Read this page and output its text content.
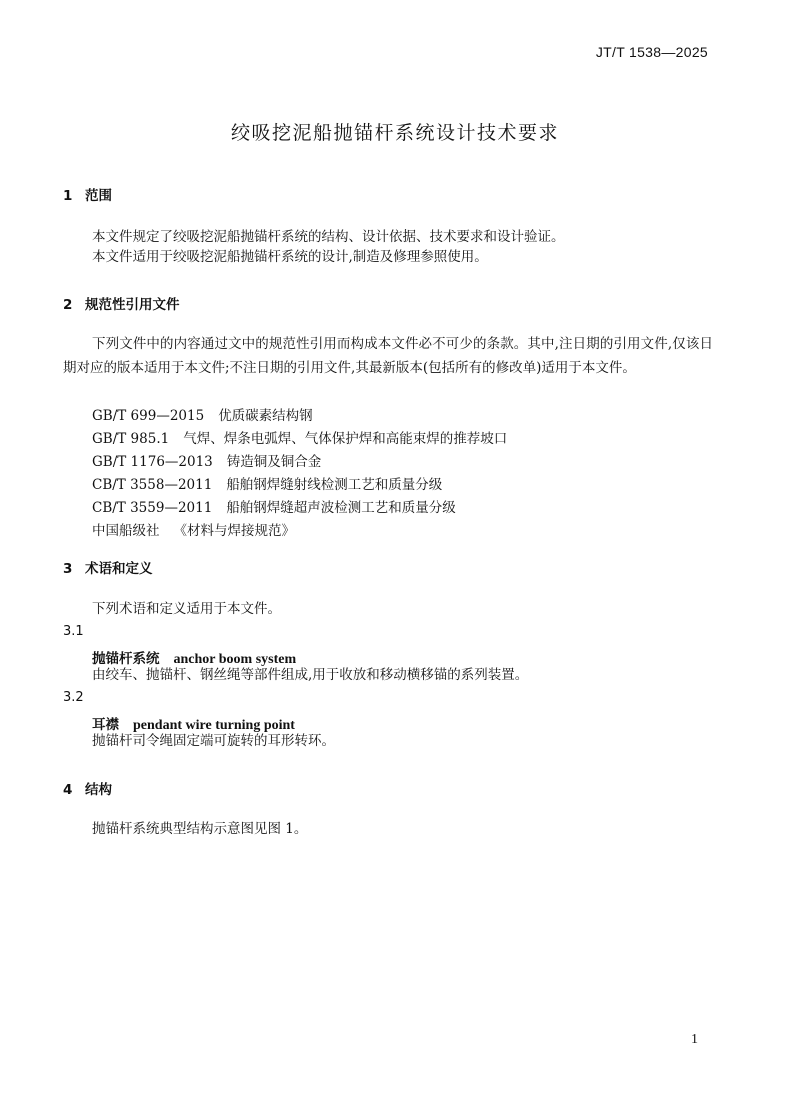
JT/T 1538—2025
绞吸挖泥船抛锚杆系统设计技术要求
1 范围
本文件规定了绞吸挖泥船抛锚杆系统的结构、设计依据、技术要求和设计验证。
本文件适用于绞吸挖泥船抛锚杆系统的设计,制造及修理参照使用。
2 规范性引用文件
下列文件中的内容通过文中的规范性引用而构成本文件必不可少的条款。其中,注日期的引用文件,仅该日期对应的版本适用于本文件;不注日期的引用文件,其最新版本(包括所有的修改单)适用于本文件。
GB/T 699—2015 优质碳素结构钢
GB/T 985.1 气焊、焊条电弧焊、气体保护焊和高能束焊的推荐坡口
GB/T 1176—2013 铸造铜及铜合金
CB/T 3558—2011 船舶钢焊缝射线检测工艺和质量分级
CB/T 3559—2011 船舶钢焊缝超声波检测工艺和质量分级
中国船级社 《材料与焊接规范》
3 术语和定义
下列术语和定义适用于本文件。
3.1
抛锚杆系统 anchor boom system
由绞车、抛锚杆、钢丝绳等部件组成,用于收放和移动横移锚的系列装置。
3.2
耳襟 pendant wire turning point
抛锚杆司令绳固定端可旋转的耳形转环。
4 结构
抛锚杆系统典型结构示意图见图 1。
1
